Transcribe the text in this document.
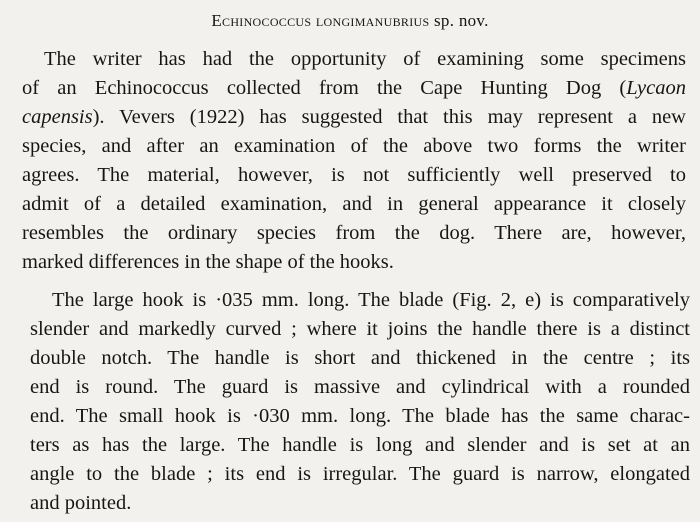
Echinococcus longimanubrius sp. nov.
The writer has had the opportunity of examining some specimens
of an Echinococcus collected from the Cape Hunting Dog (Lycaon
capensis). Vevers (1922) has suggested that this may represent a new
species, and after an examination of the above two forms the writer
agrees. The material, however, is not sufficiently well preserved to
admit of a detailed examination, and in general appearance it closely
resembles the ordinary species from the dog. There are, however,
marked differences in the shape of the hooks.
The large hook is ·035 mm. long. The blade (Fig. 2, e) is comparatively
slender and markedly curved ; where it joins the handle there is a distinct
double notch. The handle is short and thickened in the centre ; its
end is round. The guard is massive and cylindrical with a rounded
end. The small hook is ·030 mm. long. The blade has the same charac-
ters as has the large. The handle is long and slender and is set at an
angle to the blade ; its end is irregular. The guard is narrow, elongated
and pointed.
